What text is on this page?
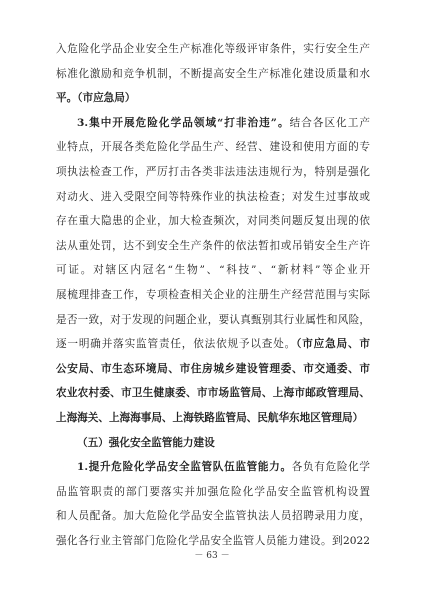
入危险化学品企业安全生产标准化等级评审条件，实行安全生产
标准化激励和竞争机制，不断提高安全生产标准化建设质量和水
平。（市应急局）
3.集中开展危险化学品领域“打非治违”。结合各区化工产
业特点，开展各类危险化学品生产、经营、建设和使用方面的专
项执法检查工作，严厉打击各类非法违法违规行为，特别是强化
对动火、进入受限空间等特殊作业的执法检查；对发生过事故或
存在重大隐患的企业，加大检查频次，对同类问题反复出现的依
法从重处罚，达不到安全生产条件的依法暂扣或吊销安全生产许
可证。对辖区内冠名“生物”、“科技”、“新材料”等企业开
展梳理排查工作，专项检查相关企业的注册生产经营范围与实际
是否一致，对于发现的问题企业，要认真甄别其行业属性和风险，
逐一明确并落实监管责任，依法依规予以查处。（市应急局、市
公安局、市生态环境局、市住房城乡建设管理委、市交通委、市
农业农村委、市卫生健康委、市市场监管局、上海市邮政管理局、
上海海关、上海海事局、上海铁路监管局、民航华东地区管理局）
（五）强化安全监管能力建设
1.提升危险化学品安全监管队伍监管能力。各负有危险化学
品监管职责的部门要落实并加强危险化学品安全监管机构设置
和人员配备。加大危险化学品安全监管执法人员招聘录用力度，
强化各行业主管部门危险化学品安全监管人员能力建设。到2022
－ 63 －
